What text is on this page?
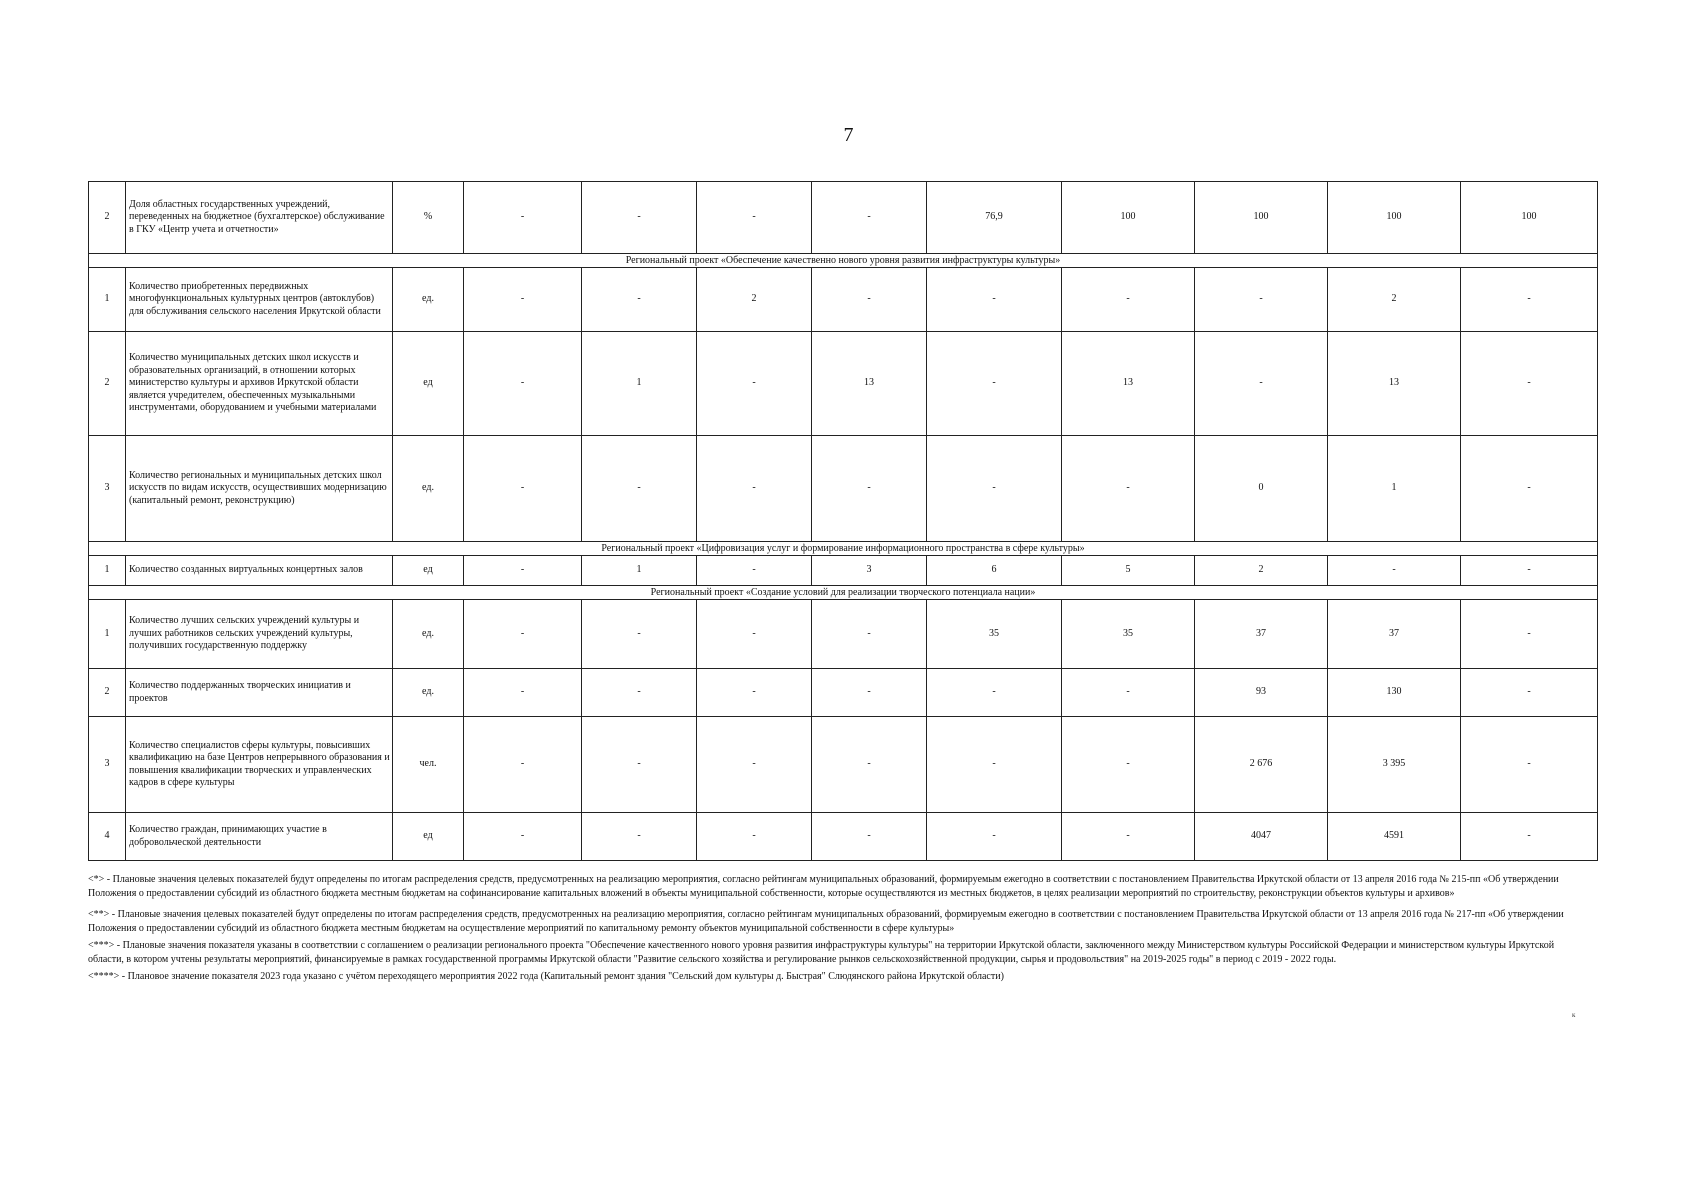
7
2	Доля областных государственных учреждений, переведенных на бюджетное (бухгалтерское) обслуживание в ГКУ «Центр учета и отчетности»	%	-	-	-	-	76,9	100	100	100	100
Региональный проект «Обеспечение качественно нового уровня развития инфраструктуры культуры»											
1	Количество приобретенных передвижных многофункциональных культурных центров (автоклубов) для обслуживания сельского населения Иркутской области	ед.	-	-	2	-	-	-	-	2	-
2	Количество муниципальных детских школ искусств и образовательных организаций, в отношении которых министерство культуры и архивов Иркутской области является учредителем, обеспеченных музыкальными инструментами, оборудованием и учебными материалами	ед	-	1	-	13	-	13	-	13	-
3	Количество региональных и муниципальных детских школ искусств по видам искусств, осуществивших модернизацию (капитальный ремонт, реконструкцию)	ед.	-	-	-	-	-	-	0	1	-
Региональный проект «Цифровизация услуг и формирование информационного пространства в сфере культуры»											
1	Количество созданных виртуальных концертных залов	ед	-	1	-	3	6	5	2	-	-
Региональный проект «Создание условий для реализации творческого потенциала нации»											
1	Количество лучших сельских учреждений культуры и лучших работников сельских учреждений культуры, получивших государственную поддержку	ед.	-	-	-	-	35	35	37	37	-
2	Количество поддержанных творческих инициатив и проектов	ед.	-	-	-	-	-	-	93	130	-
3	Количество специалистов сферы культуры, повысивших квалификацию на базе Центров непрерывного образования и повышения квалификации творческих и управленческих кадров в сфере культуры	чел.	-	-	-	-	-	-	2 676	3 395	-
4	Количество граждан, принимающих участие в добровольческой деятельности	ед	-	-	-	-	-	-	4047	4591	-

<*> - Плановые значения целевых показателей будут определены по итогам распределения средств, предусмотренных на реализацию мероприятия, согласно рейтингам муниципальных образований, формируемым ежегодно в соответствии с постановлением Правительства Иркутской области от 13 апреля 2016 года № 215-пп «Об утверждении Положения о предоставлении субсидий из областного бюджета местным бюджетам на софинансирование капитальных вложений в объекты муниципальной собственности, которые осуществляются из местных бюджетов, в целях реализации мероприятий по строительству, реконструкции объектов культуры и архивов»

<**> - Плановые значения целевых показателей будут определены по итогам распределения средств, предусмотренных на реализацию мероприятия, согласно рейтингам муниципальных образований, формируемым ежегодно в соответствии с постановлением Правительства Иркутской области от 13 апреля 2016 года № 217-пп «Об утверждении Положения о предоставлении субсидий из областного бюджета местным бюджетам на осуществление мероприятий по капитальному ремонту объектов муниципальной собственности в сфере культуры»

<***> - Плановые значения показателя указаны в соответствии с соглашением о реализации регионального проекта "Обеспечение качественного нового уровня развития инфраструктуры культуры" на территории Иркутской области, заключенного между Министерством культуры Российской Федерации и министерством культуры Иркутской области, в котором учтены результаты мероприятий, финансируемые в рамках государственной программы Иркутской области "Развитие сельского хозяйства и регулирование рынков сельскохозяйственной продукции, сырья и продовольствия" на 2019-2025 годы" в период с 2019 - 2022 годы.

<****> - Плановое значение показателя 2023 года указано с учётом переходящего мероприятия 2022 года (Капитальный ремонт здания "Сельский дом культуры д. Быстрая" Слюдянского района Иркутской области)

к
